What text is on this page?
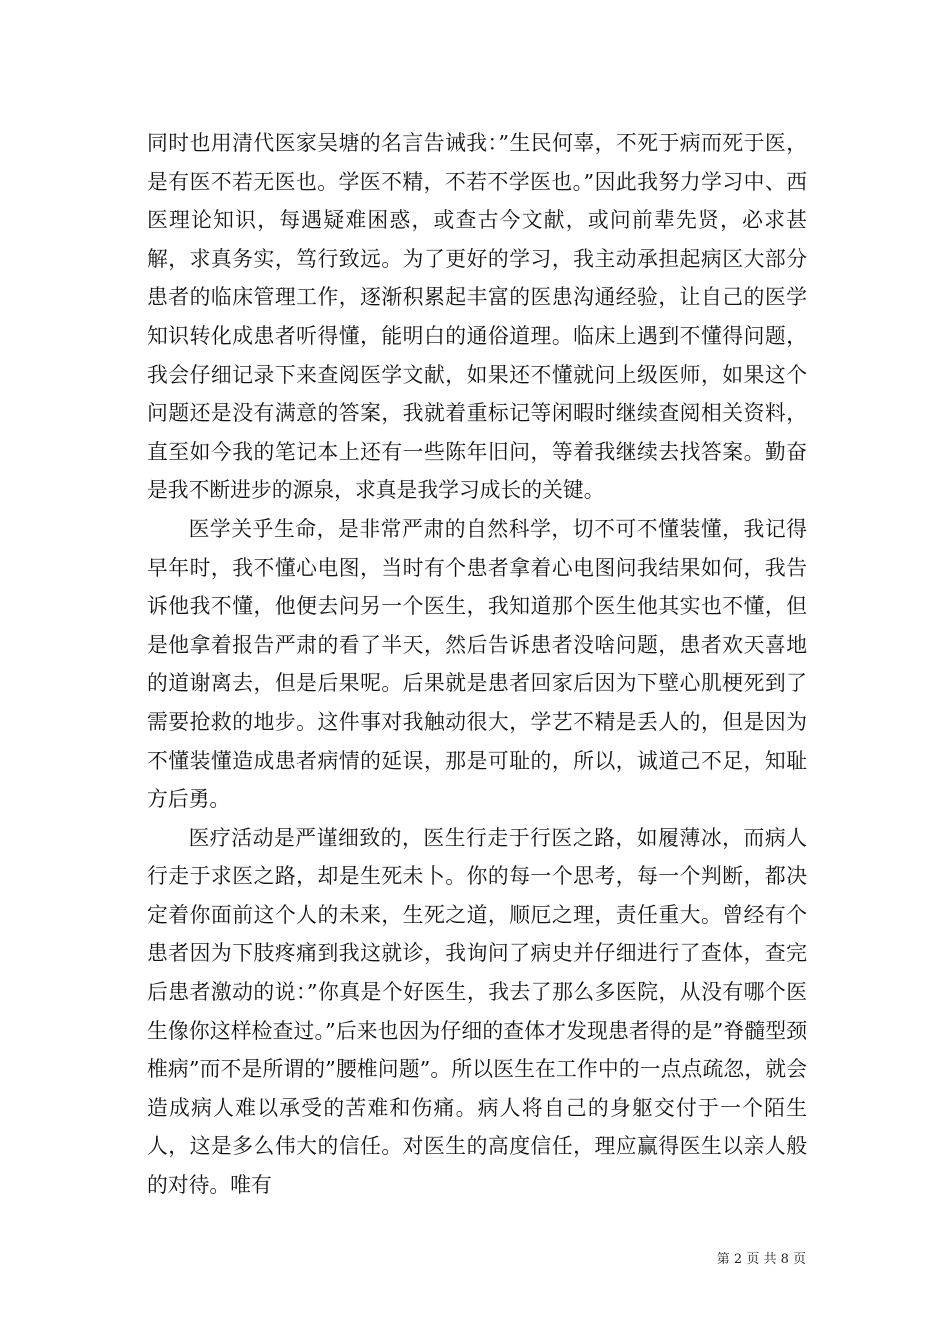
同时也用清代医家吴塘的名言告诫我：”生民何辜，不死于病而死于医，是有医不若无医也。学医不精，不若不学医也。”因此我努力学习中、西医理论知识，每遇疑难困惑，或查古今文献，或问前辈先贤，必求甚解，求真务实，笃行致远。为了更好的学习，我主动承担起病区大部分患者的临床管理工作，逐渐积累起丰富的医患沟通经验，让自己的医学知识转化成患者听得懂，能明白的通俗道理。临床上遇到不懂得问题，我会仔细记录下来查阅医学文献，如果还不懂就问上级医师，如果这个问题还是没有满意的答案，我就着重标记等闲暇时继续查阅相关资料，直至如今我的笔记本上还有一些陈年旧问，等着我继续去找答案。勤奋是我不断进步的源泉，求真是我学习成长的关键。

医学关乎生命，是非常严肃的自然科学，切不可不懂装懂，我记得早年时，我不懂心电图，当时有个患者拿着心电图问我结果如何，我告诉他我不懂，他便去问另一个医生，我知道那个医生他其实也不懂，但是他拿着报告严肃的看了半天，然后告诉患者没啥问题，患者欢天喜地的道谢离去，但是后果呢。后果就是患者回家后因为下壁心肌梗死到了需要抢救的地步。这件事对我触动很大，学艺不精是丢人的，但是因为不懂装懂造成患者病情的延误，那是可耻的，所以，诚道己不足，知耻方后勇。

医疗活动是严谨细致的，医生行走于行医之路，如履薄冰，而病人行走于求医之路，却是生死未卜。你的每一个思考，每一个判断，都决定着你面前这个人的未来，生死之道，顺厄之理，责任重大。曾经有个患者因为下肢疼痛到我这就诊，我询问了病史并仔细进行了查体，查完后患者激动的说：”你真是个好医生，我去了那么多医院，从没有哪个医生像你这样检查过。”后来也因为仔细的查体才发现患者得的是”脊髓型颈椎病”而不是所谓的”腰椎问题”。所以医生在工作中的一点点疏忽，就会造成病人难以承受的苦难和伤痛。病人将自己的身躯交付于一个陌生人，这是多么伟大的信任。对医生的高度信任，理应赢得医生以亲人般的对待。唯有

第 2 页 共 8 页
